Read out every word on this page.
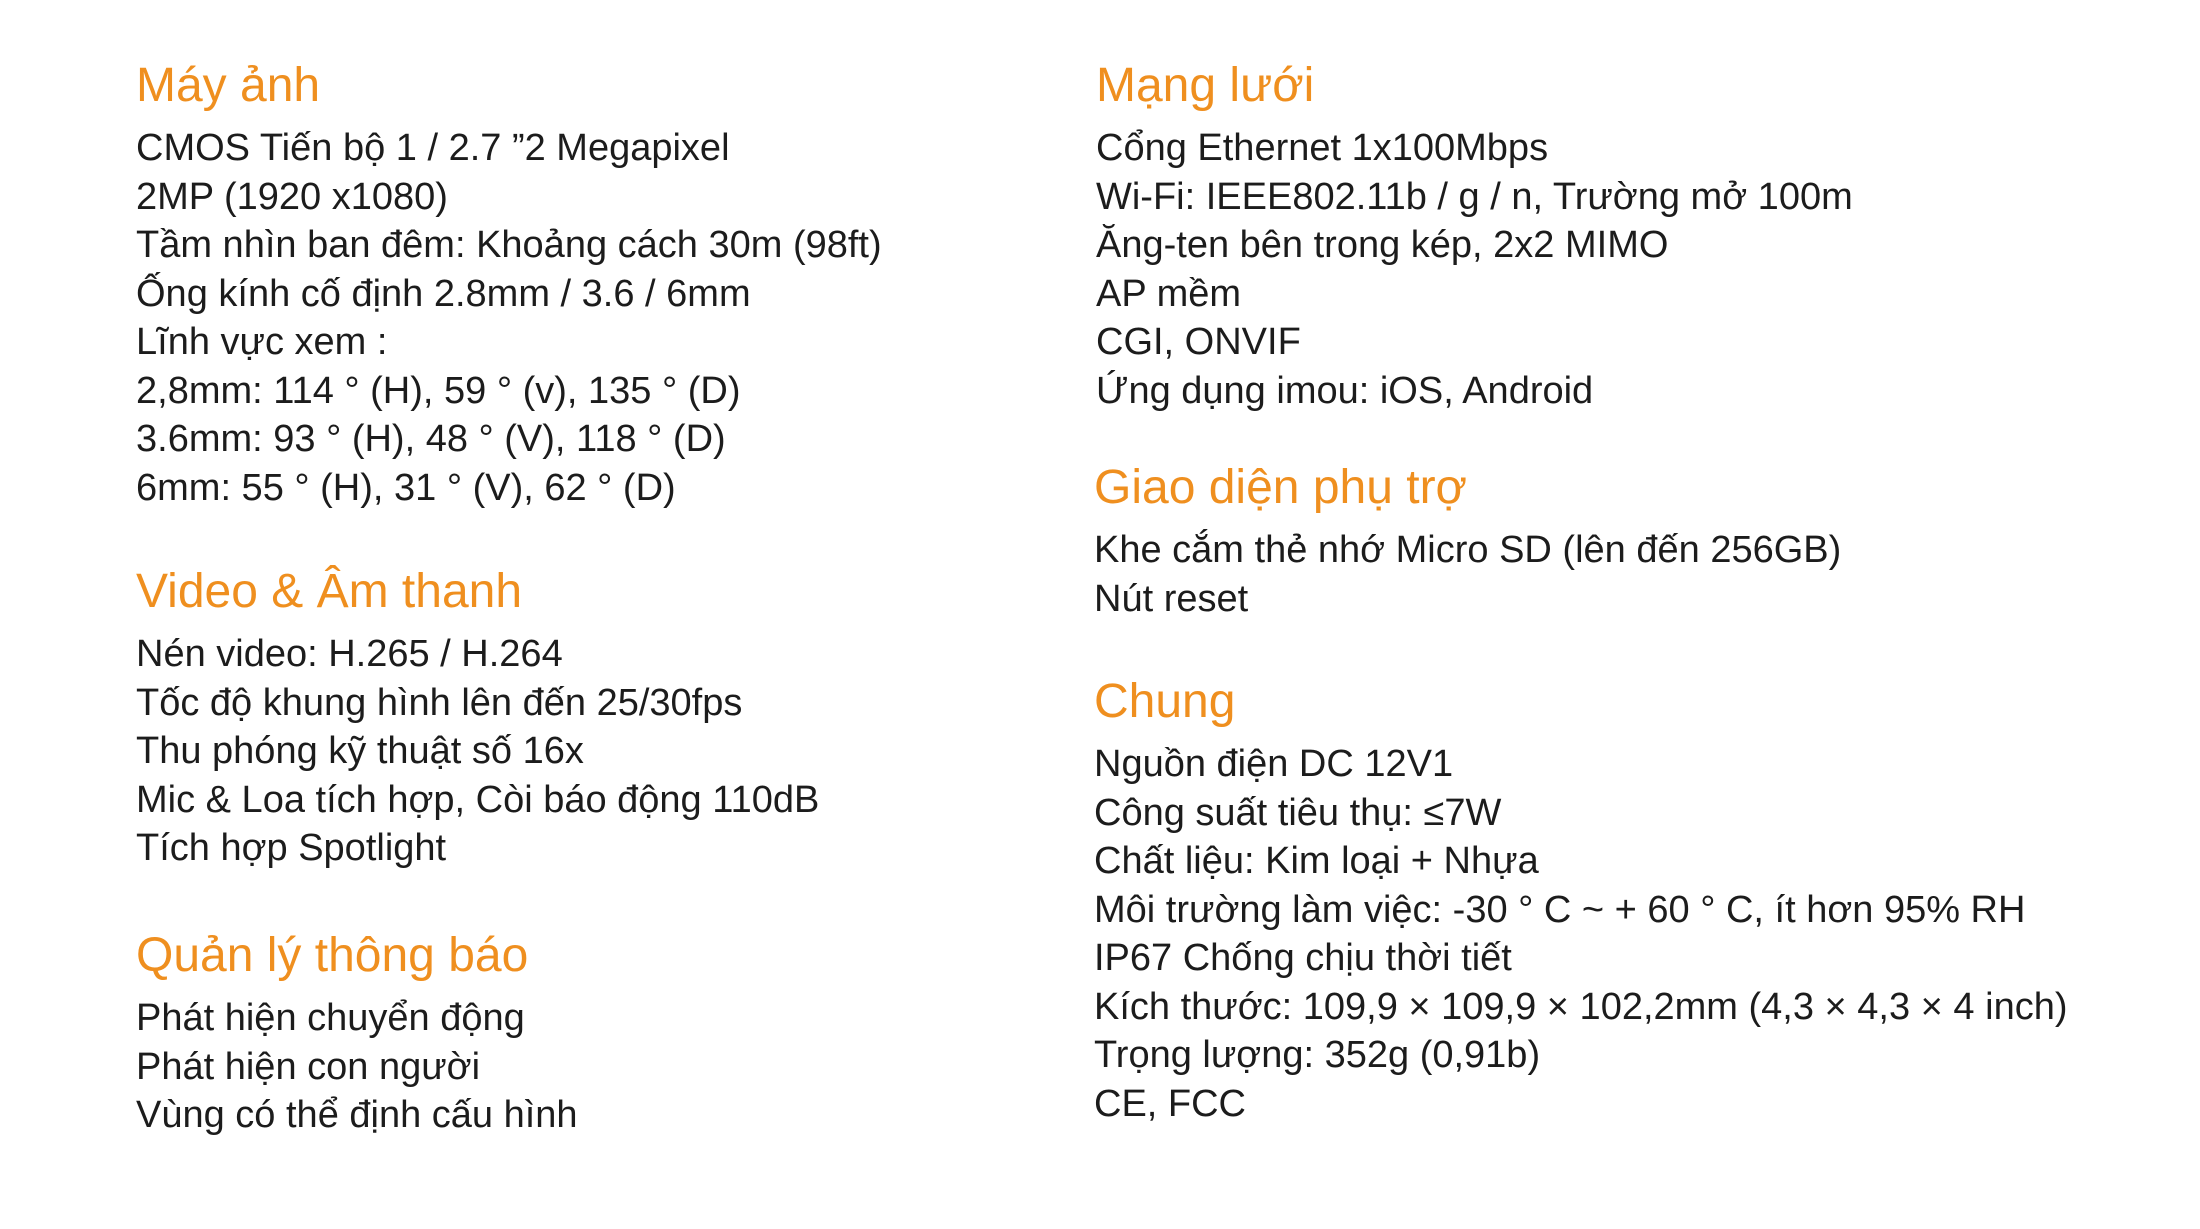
Máy ảnh
CMOS Tiến bộ 1 / 2.7 ”2 Megapixel
2MP (1920 x1080)
Tầm nhìn ban đêm: Khoảng cách 30m (98ft)
Ống kính cố định 2.8mm / 3.6 / 6mm
Lĩnh vực xem :
2,8mm: 114 ° (H), 59 ° (v), 135 ° (D)
3.6mm: 93 ° (H), 48 ° (V), 118 ° (D)
6mm: 55 ° (H), 31 ° (V), 62 ° (D)
Video & Âm thanh
Nén video: H.265 / H.264
Tốc độ khung hình lên đến 25/30fps
Thu phóng kỹ thuật số 16x
Mic & Loa tích hợp, Còi báo động 110dB
Tích hợp Spotlight
Quản lý thông báo
Phát hiện chuyển động
Phát hiện con người
Vùng có thể định cấu hình
Mạng lưới
Cổng Ethernet 1x100Mbps
Wi-Fi: IEEE802.11b / g / n, Trường mở 100m
Ăng-ten bên trong kép, 2x2 MIMO
AP mềm
CGI, ONVIF
Ứng dụng imou: iOS, Android
Giao diện phụ trợ
Khe cắm thẻ nhớ Micro SD (lên đến 256GB)
Nút reset
Chung
Nguồn điện DC 12V1
Công suất tiêu thụ: ≤7W
Chất liệu: Kim loại + Nhựa
Môi trường làm việc: -30 ° C ~ + 60 ° C, ít hơn 95% RH
IP67 Chống chịu thời tiết
Kích thước: 109,9 × 109,9 × 102,2mm (4,3 × 4,3 × 4 inch)
Trọng lượng: 352g (0,91b)
CE, FCC
